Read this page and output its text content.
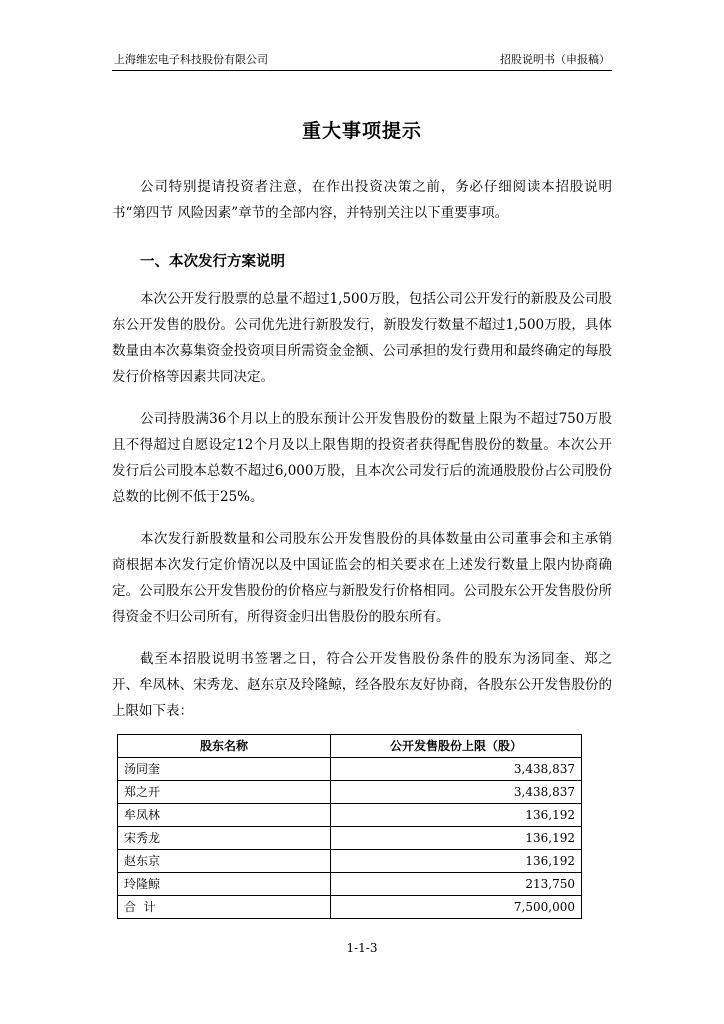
上海维宏电子科技股份有限公司	招股说明书（申报稿）
重大事项提示

公司特别提请投资者注意，在作出投资决策之前，务必仔细阅读本招股说明书“第四节 风险因素”章节的全部内容，并特别关注以下重要事项。

一、本次发行方案说明

本次公开发行股票的总量不超过1,500万股，包括公司公开发行的新股及公司股东公开发售的股份。公司优先进行新股发行，新股发行数量不超过1,500万股，具体数量由本次募集资金投资项目所需资金金额、公司承担的发行费用和最终确定的每股发行价格等因素共同决定。

公司持股满36个月以上的股东预计公开发售股份的数量上限为不超过750万股且不得超过自愿设定12个月及以上限售期的投资者获得配售股份的数量。本次公开发行后公司股本总数不超过6,000万股，且本次公司发行后的流通股股份占公司股份总数的比例不低于25%。

本次发行新股数量和公司股东公开发售股份的具体数量由公司董事会和主承销商根据本次发行定价情况以及中国证监会的相关要求在上述发行数量上限内协商确定。公司股东公开发售股份的价格应与新股发行价格相同。公司股东公开发售股份所得资金不归公司所有，所得资金归出售股份的股东所有。

截至本招股说明书签署之日，符合公开发售股份条件的股东为汤同奎、郑之开、牟凤林、宋秀龙、赵东京及玲隆鲸，经各股东友好协商，各股东公开发售股份的上限如下表：

股东名称	公开发售股份上限（股）
汤同奎	3,438,837
郑之开	3,438,837
牟凤林	136,192
宋秀龙	136,192
赵东京	136,192
玲隆鲸	213,750
合  计	7,500,000
1-1-3
